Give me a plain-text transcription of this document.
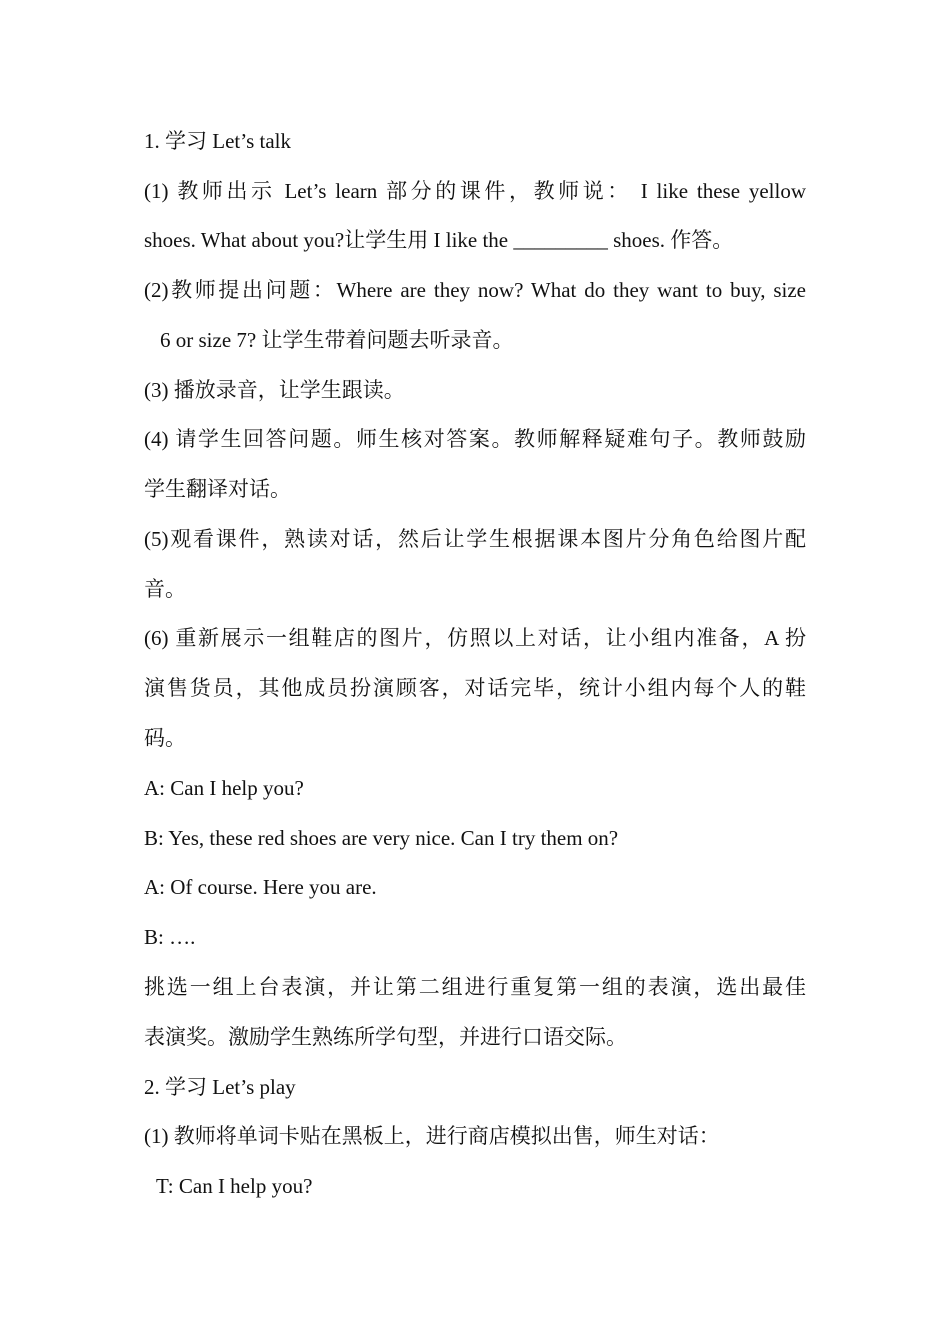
1. 学习 Let’s talk
(1) 教师出示 Let’s learn 部分的课件，教师说： I like these yellow
shoes. What about you?让学生用 I like the _________ shoes. 作答。
(2)教师提出问题：Where are they now? What do they want to buy, size
6 or size 7? 让学生带着问题去听录音。
(3) 播放录音，让学生跟读。
(4) 请学生回答问题。师生核对答案。教师解释疑难句子。教师鼓励
学生翻译对话。
(5)观看课件，熟读对话，然后让学生根据课本图片分角色给图片配
音。
(6) 重新展示一组鞋店的图片，仿照以上对话，让小组内准备，A 扮
演售货员，其他成员扮演顾客，对话完毕，统计小组内每个人的鞋
码。
A: Can I help you?
B: Yes, these red shoes are very nice. Can I try them on?
A: Of course. Here you are.
B: ….
挑选一组上台表演，并让第二组进行重复第一组的表演，选出最佳
表演奖。激励学生熟练所学句型，并进行口语交际。
2. 学习 Let’s play
(1) 教师将单词卡贴在黑板上，进行商店模拟出售，师生对话：
T: Can I help you?
